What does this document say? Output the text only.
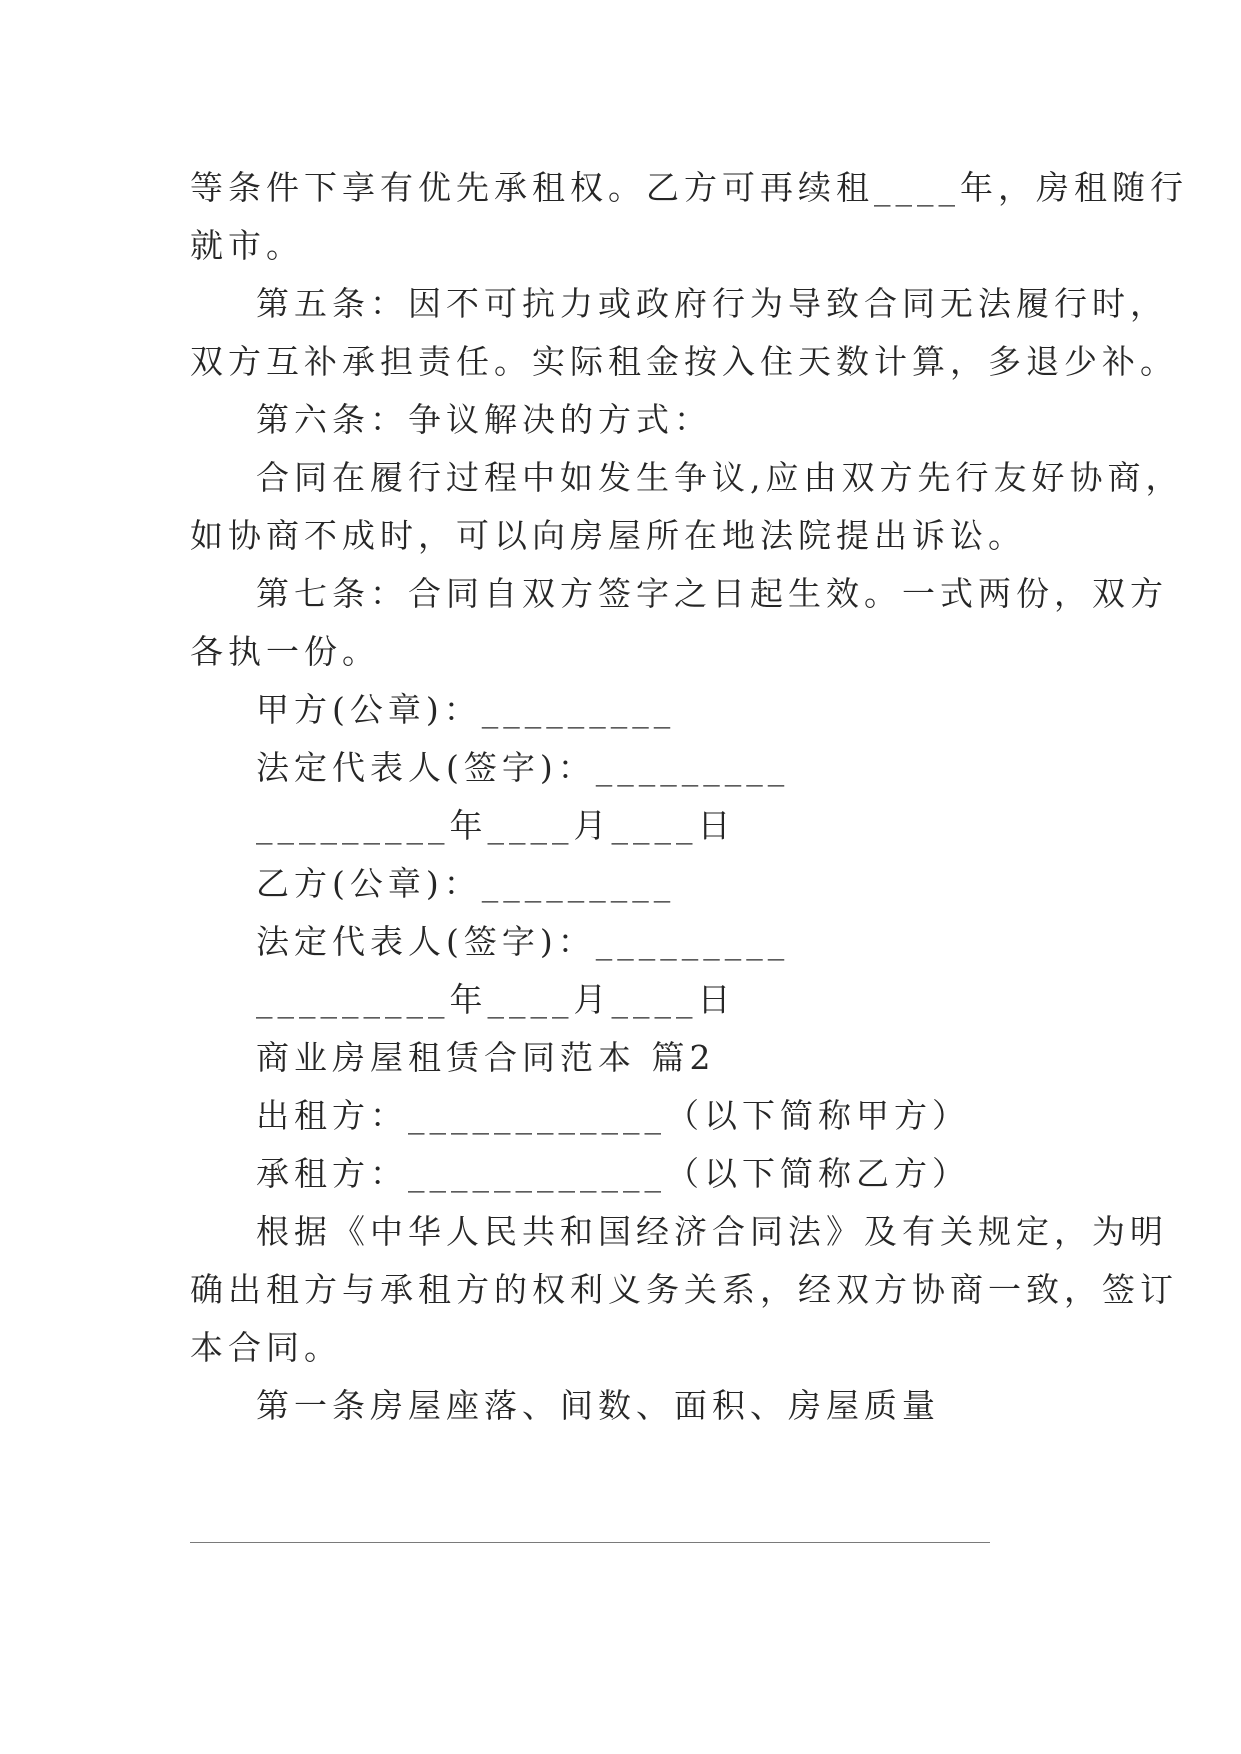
等条件下享有优先承租权。乙方可再续租____年，房租随行
就市。
第五条：因不可抗力或政府行为导致合同无法履行时，
双方互补承担责任。实际租金按入住天数计算，多退少补。
第六条：争议解决的方式：
合同在履行过程中如发生争议,应由双方先行友好协商，
如协商不成时，可以向房屋所在地法院提出诉讼。
第七条：合同自双方签字之日起生效。一式两份，双方
各执一份。
甲方(公章)：_________
法定代表人(签字)：_________
_________年____月____日
乙方(公章)：_________
法定代表人(签字)：_________
_________年____月____日
商业房屋租赁合同范本 篇2
出租方：____________（以下简称甲方）
承租方：____________（以下简称乙方）
根据《中华人民共和国经济合同法》及有关规定，为明
确出租方与承租方的权利义务关系，经双方协商一致，签订
本合同。
第一条房屋座落、间数、面积、房屋质量
